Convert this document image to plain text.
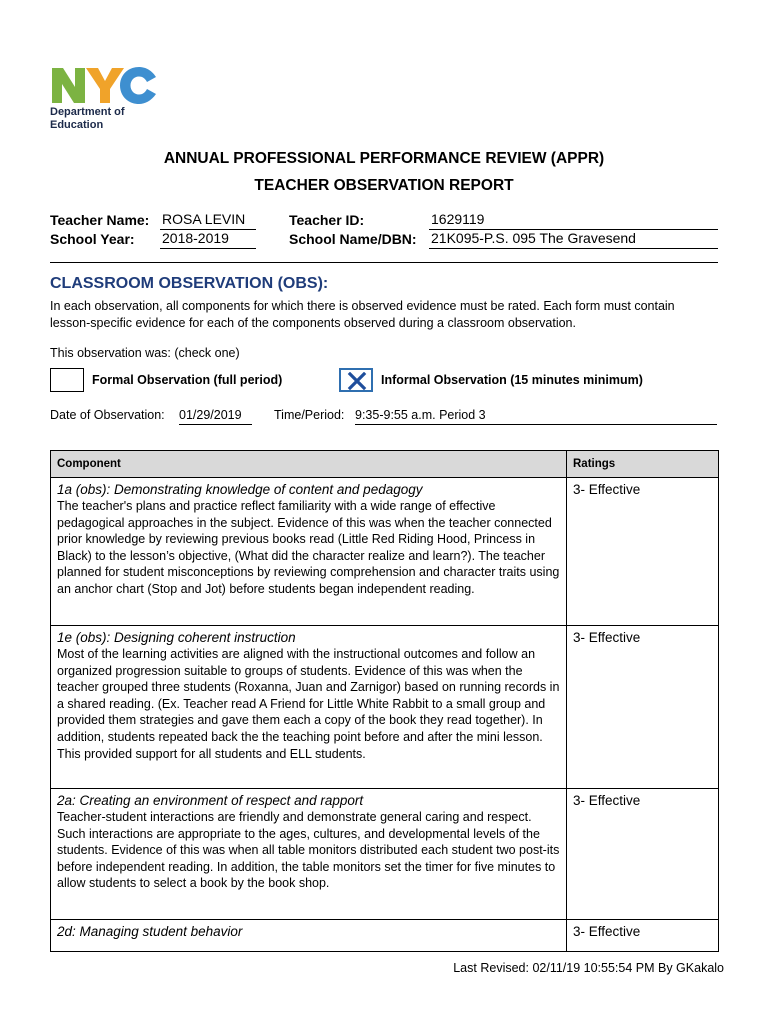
Department of
Education
ANNUAL PROFESSIONAL PERFORMANCE REVIEW (APPR)
TEACHER OBSERVATION REPORT
Teacher Name: ROSA LEVIN	Teacher ID:	1629119
School Year: 2018-2019	School Name/DBN: 21K095-P.S. 095 The Gravesend
CLASSROOM OBSERVATION (OBS):
In each observation, all components for which there is observed evidence must be rated. Each form must contain lesson-specific evidence for each of the components observed during a classroom observation.
This observation was: (check one)
Formal Observation (full period)	Informal Observation (15 minutes minimum)
Date of Observation: 01/29/2019	Time/Period: 9:35-9:55 a.m. Period 3
Component	Ratings

1a (obs): Demonstrating knowledge of content and pedagogy
The teacher's plans and practice reflect familiarity with a wide range of effective pedagogical approaches in the subject. Evidence of this was when the teacher connected prior knowledge by reviewing previous books read (Little Red Riding Hood, Princess in Black) to the lesson’s objective, (What did the character realize and learn?). The teacher planned for student misconceptions by reviewing comprehension and character traits using an anchor chart (Stop and Jot) before students began independent reading.	3- Effective

1e (obs): Designing coherent instruction
Most of the learning activities are aligned with the instructional outcomes and follow an organized progression suitable to groups of students. Evidence of this was when the teacher grouped three students (Roxanna, Juan and Zarnigor) based on running records in a shared reading. (Ex. Teacher read A Friend for Little White Rabbit to a small group and provided them strategies and gave them each a copy of the book they read together). In addition, students repeated back the the teaching point before and after the mini lesson. This provided support for all students and ELL students.	3- Effective

2a: Creating an environment of respect and rapport
Teacher-student interactions are friendly and demonstrate general caring and respect. Such interactions are appropriate to the ages, cultures, and developmental levels of the students. Evidence of this was when all table monitors distributed each student two post-its before independent reading. In addition, the table monitors set the timer for five minutes to allow students to select a book by the book shop.	3- Effective

2d: Managing student behavior	3- Effective
Last Revised: 02/11/19 10:55:54 PM By GKakalo
